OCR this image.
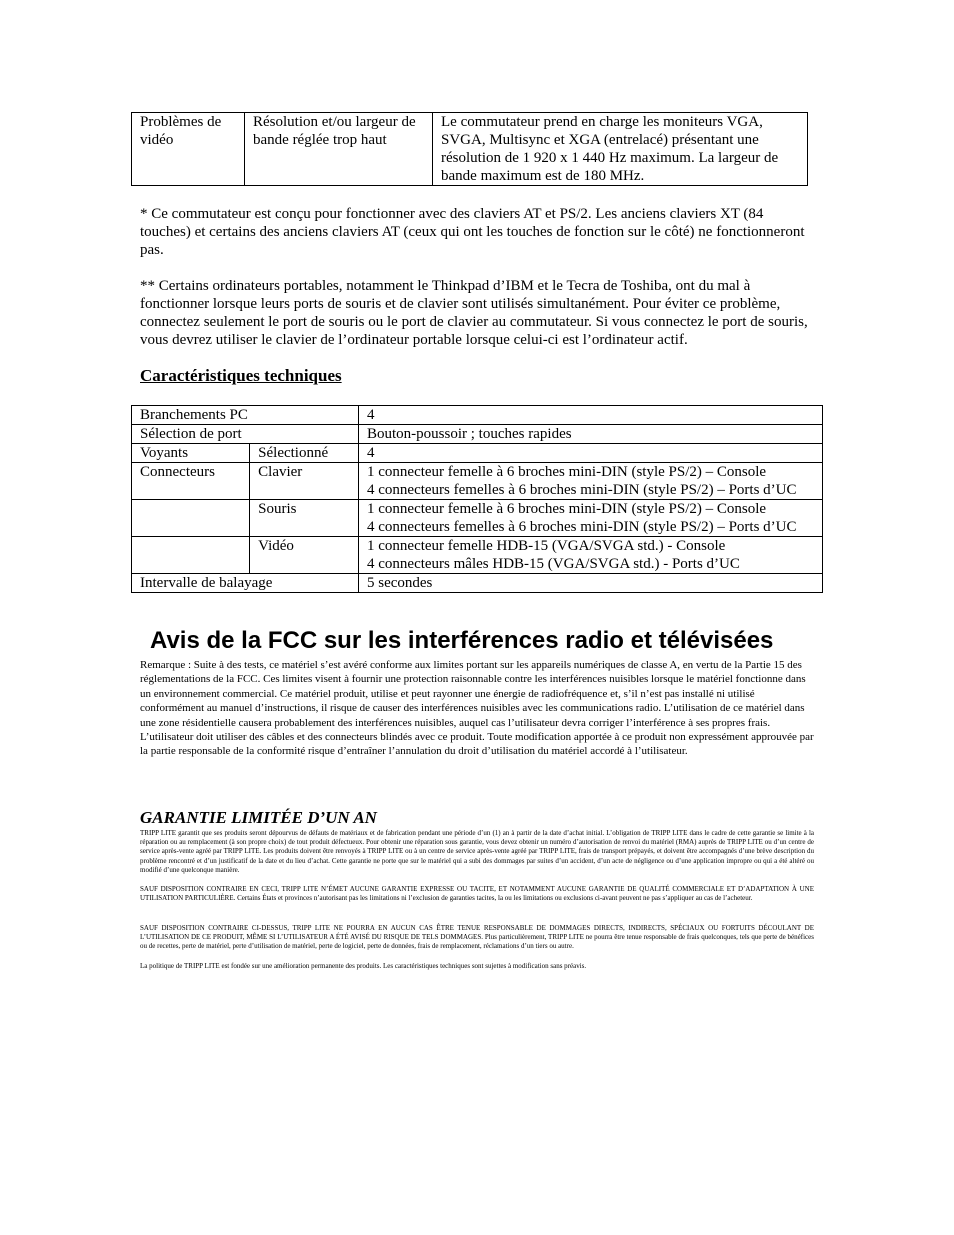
Problèmes de vidéo	Résolution et/ou largeur de bande réglée trop haut	Le commutateur prend en charge les moniteurs VGA, SVGA, Multisync et XGA (entrelacé) présentant une résolution de 1 920 x 1 440 Hz maximum. La largeur de bande maximum est de 180 MHz.

* Ce commutateur est conçu pour fonctionner avec des claviers AT et PS/2. Les anciens claviers XT (84 touches) et certains des anciens claviers AT (ceux qui ont les touches de fonction sur le côté) ne fonctionneront pas.

** Certains ordinateurs portables, notamment le Thinkpad d’IBM et le Tecra de Toshiba, ont du mal à fonctionner lorsque leurs ports de souris et de clavier sont utilisés simultanément. Pour éviter ce problème, connectez seulement le port de souris ou le port de clavier au commutateur. Si vous connectez le port de souris, vous devrez utiliser le clavier de l’ordinateur portable lorsque celui-ci est l’ordinateur actif.

Caractéristiques techniques
Branchements PC		4
Sélection de port		Bouton-poussoir ; touches rapides
Voyants	Sélectionné	4
Connecteurs	Clavier	1 connecteur femelle à 6 broches mini-DIN (style PS/2) – Console
4 connecteurs femelles à 6 broches mini-DIN (style PS/2) – Ports d’UC

	Souris	1 connecteur femelle à 6 broches mini-DIN (style PS/2) – Console
4 connecteurs femelles à 6 broches mini-DIN (style PS/2) – Ports d’UC

	Vidéo	1 connecteur femelle HDB-15 (VGA/SVGA std.) - Console
4 connecteurs mâles HDB-15 (VGA/SVGA std.) - Ports d’UC

Intervalle de balayage		5 secondes
Avis de la FCC sur les interférences radio et télévisées

Remarque : Suite à des tests, ce matériel s’est avéré conforme aux limites portant sur les appareils numériques de classe A, en vertu de la Partie 15 des réglementations de la FCC. Ces limites visent à fournir une protection raisonnable contre les interférences nuisibles lorsque le matériel fonctionne dans un environnement commercial. Ce matériel produit, utilise et peut rayonner une énergie de radiofréquence et, s’il n’est pas installé ni utilisé conformément au manuel d’instructions, il risque de causer des interférences nuisibles avec les communications radio. L’utilisation de ce matériel dans une zone résidentielle causera probablement des interférences nuisibles, auquel cas l’utilisateur devra corriger l’interférence à ses propres frais. L’utilisateur doit utiliser des câbles et des connecteurs blindés avec ce produit. Toute modification apportée à ce produit non expressément approuvée par la partie responsable de la conformité risque d’entraîner l’annulation du droit d’utilisation du matériel accordé à l’utilisateur.

GARANTIE LIMITÉE D’UN AN

TRIPP LITE garantit que ses produits seront dépourvus de défauts de matériaux et de fabrication pendant une période d’un (1) an à partir de la date d’achat initial. L’obligation de TRIPP LITE dans le cadre de cette garantie se limite à la réparation ou au remplacement (à son propre choix) de tout produit défectueux. Pour obtenir une réparation sous garantie, vous devez obtenir un numéro d’autorisation de renvoi du matériel (RMA) auprès de TRIPP LITE ou d’un centre de service après-vente agréé par TRIPP LITE. Les produits doivent être renvoyés à TRIPP LITE ou à un centre de service après-vente agréé par TRIPP LITE, frais de transport prépayés, et doivent être accompagnés d’une brève description du problème rencontré et d’un justificatif de la date et du lieu d’achat. Cette garantie ne porte que sur le matériel qui a subi des dommages par suites d’un accident, d’un acte de négligence ou d’une application impropre ou qui a été altéré ou modifié d’une quelconque manière.

SAUF DISPOSITION CONTRAIRE EN CECI, TRIPP LITE N’ÉMET AUCUNE GARANTIE EXPRESSE OU TACITE, ET NOTAMMENT AUCUNE GARANTIE DE QUALITÉ COMMERCIALE ET D’ADAPTATION À UNE UTILISATION PARTICULIÈRE. Certains États et provinces n’autorisant pas les limitations ni l’exclusion de garanties tacites, la ou les limitations ou exclusions ci-avant peuvent ne pas s’appliquer au cas de l’acheteur.

SAUF DISPOSITION CONTRAIRE CI-DESSUS, TRIPP LITE NE POURRA EN AUCUN CAS ÊTRE TENUE RESPONSABLE DE DOMMAGES DIRECTS, INDIRECTS, SPÉCIAUX OU FORTUITS DÉCOULANT DE L’UTILISATION DE CE PRODUIT, MÊME SI L’UTILISATEUR A ÉTÉ AVISÉ DU RISQUE DE TELS DOMMAGES. Plus particulièrement, TRIPP LITE ne pourra être tenue responsable de frais quelconques, tels que perte de bénéfices ou de recettes, perte de matériel, perte d’utilisation de matériel, perte de logiciel, perte de données, frais de remplacement, réclamations d’un tiers ou autre.

La politique de TRIPP LITE est fondée sur une amélioration permanente des produits. Les caractéristiques techniques sont sujettes à modification sans préavis.
